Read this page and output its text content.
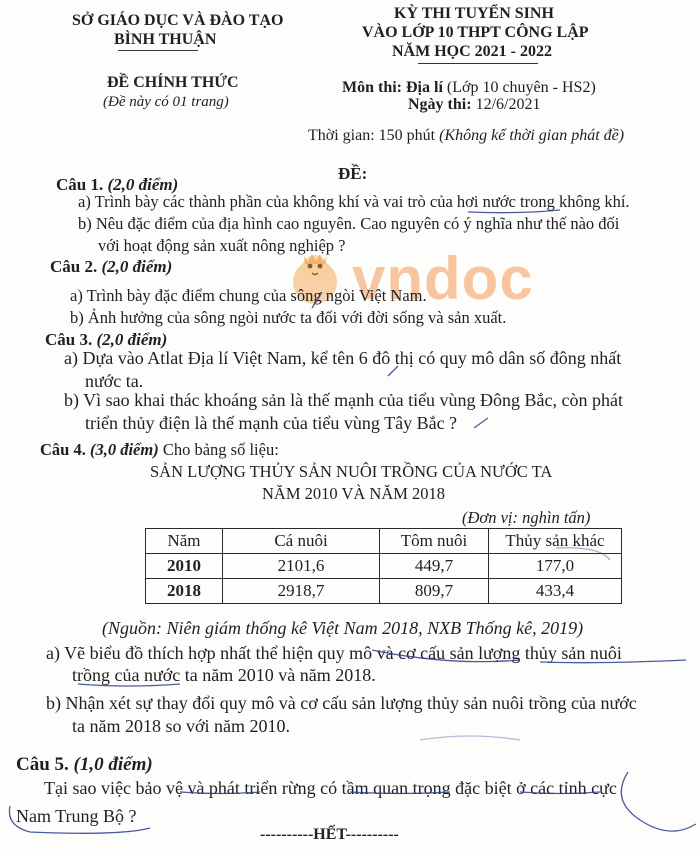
SỞ GIÁO DỤC VÀ ĐÀO TẠO
BÌNH THUẬN
ĐỀ CHÍNH THỨC
(Đề này có 01 trang)
KỲ THI TUYỂN SINH
VÀO LỚP 10 THPT CÔNG LẬP
NĂM HỌC 2021 - 2022
Môn thi: Địa lí (Lớp 10 chuyên - HS2)
Ngày thi: 12/6/2021
Thời gian: 150 phút (Không kể thời gian phát đề)
ĐỀ:
Câu 1. (2,0 điểm)
a) Trình bày các thành phần của không khí và vai trò của hơi nước trong không khí.
b) Nêu đặc điểm của địa hình cao nguyên. Cao nguyên có ý nghĩa như thế nào đối
với hoạt động sản xuất nông nghiệp ? vndoc
Câu 2. (2,0 điểm)
a) Trình bày đặc điểm chung của sông ngòi Việt Nam.
b) Ảnh hưởng của sông ngòi nước ta đối với đời sống và sản xuất.
Câu 3. (2,0 điểm)
a) Dựa vào Atlat Địa lí Việt Nam, kể tên 6 đô thị có quy mô dân số đông nhất
nước ta.
b) Vì sao khai thác khoáng sản là thế mạnh của tiểu vùng Đông Bắc, còn phát
triển thủy điện là thế mạnh của tiểu vùng Tây Bắc ?
Câu 4. (3,0 điểm) Cho bảng số liệu:
SẢN LƯỢNG THỦY SẢN NUÔI TRỒNG CỦA NƯỚC TA
NĂM 2010 VÀ NĂM 2018
(Đơn vị: nghìn tấn)
Năm	Cá nuôi	Tôm nuôi	Thủy sản khác
2010	2101,6	449,7	177,0
2018	2918,7	809,7	433,4
(Nguồn: Niên giám thống kê Việt Nam 2018, NXB Thống kê, 2019)
a) Vẽ biểu đồ thích hợp nhất thể hiện quy mô và cơ cấu sản lượng thủy sản nuôi
trồng của nước ta năm 2010 và năm 2018.
b) Nhận xét sự thay đổi quy mô và cơ cấu sản lượng thủy sản nuôi trồng của nước
ta năm 2018 so với năm 2010.
Câu 5. (1,0 điểm)
Tại sao việc bảo vệ và phát triển rừng có tầm quan trọng đặc biệt ở các tỉnh cực
Nam Trung Bộ ?
----------HẾT----------
